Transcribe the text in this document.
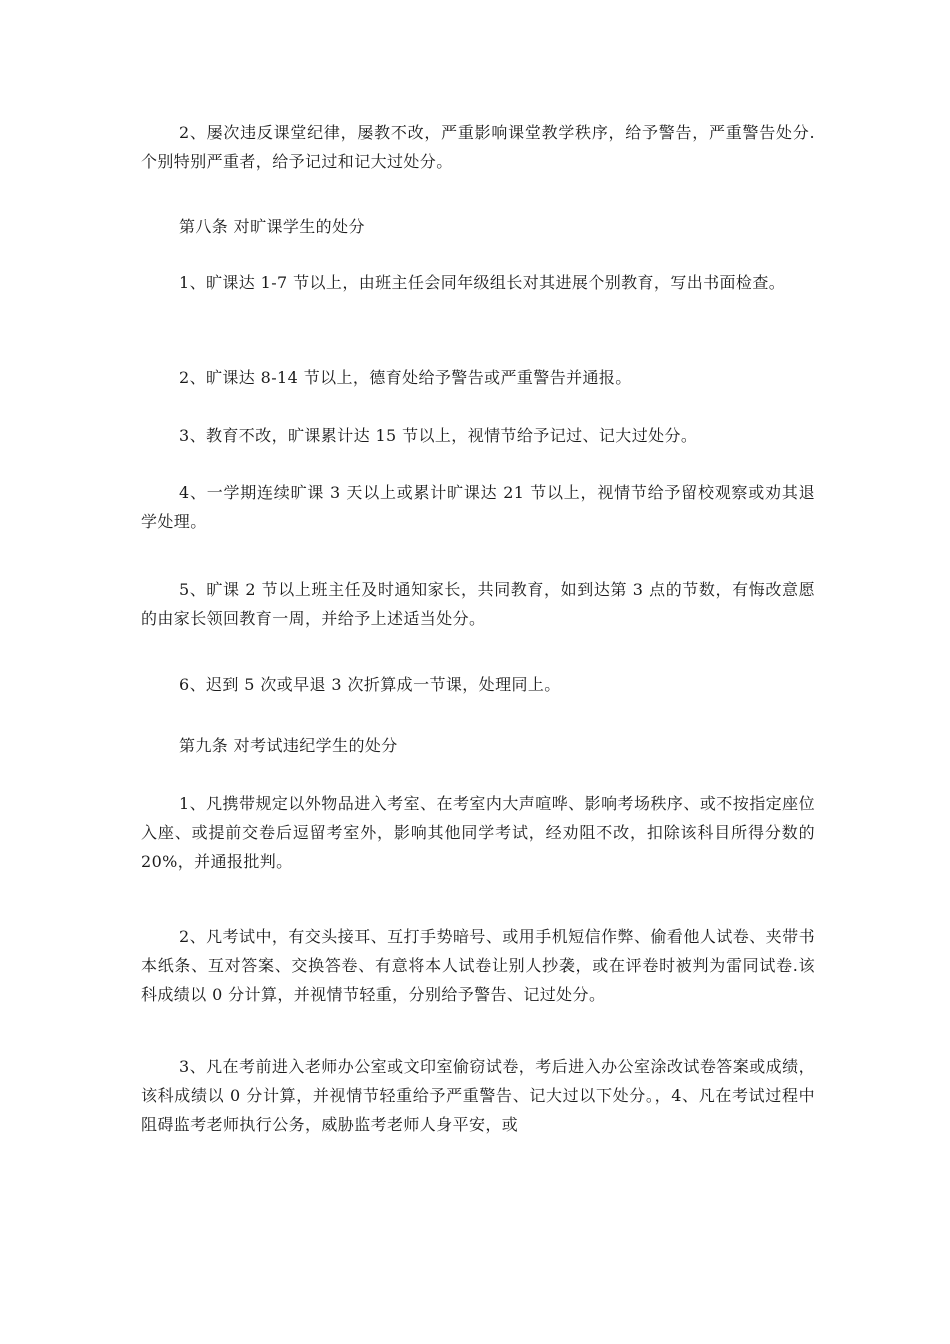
2、屡次违反课堂纪律，屡教不改，严重影响课堂教学秩序，给予警告，严重警告处分.个别特别严重者，给予记过和记大过处分。

第八条 对旷课学生的处分

1、旷课达 1-7 节以上，由班主任会同年级组长对其进展个别教育，写出书面检查。

2、旷课达 8-14 节以上，德育处给予警告或严重警告并通报。

3、教育不改，旷课累计达 15 节以上，视情节给予记过、记大过处分。

4、一学期连续旷课 3 天以上或累计旷课达 21 节以上，视情节给予留校观察或劝其退学处理。

5、旷课 2 节以上班主任及时通知家长，共同教育，如到达第 3 点的节数，有悔改意愿的由家长领回教育一周，并给予上述适当处分。

6、迟到 5 次或早退 3 次折算成一节课，处理同上。

第九条 对考试违纪学生的处分

1、凡携带规定以外物品进入考室、在考室内大声喧哗、影响考场秩序、或不按指定座位入座、或提前交卷后逗留考室外，影响其他同学考试，经劝阻不改，扣除该科目所得分数的 20%，并通报批判。

2、凡考试中，有交头接耳、互打手势暗号、或用手机短信作弊、偷看他人试卷、夹带书本纸条、互对答案、交换答卷、有意将本人试卷让别人抄袭，或在评卷时被判为雷同试卷.该科成绩以 0 分计算，并视情节轻重，分别给予警告、记过处分。

3、凡在考前进入老师办公室或文印室偷窃试卷，考后进入办公室涂改试卷答案或成绩，该科成绩以 0 分计算，并视情节轻重给予严重警告、记大过以下处分。，4、凡在考试过程中阻碍监考老师执行公务，威胁监考老师人身平安，或
